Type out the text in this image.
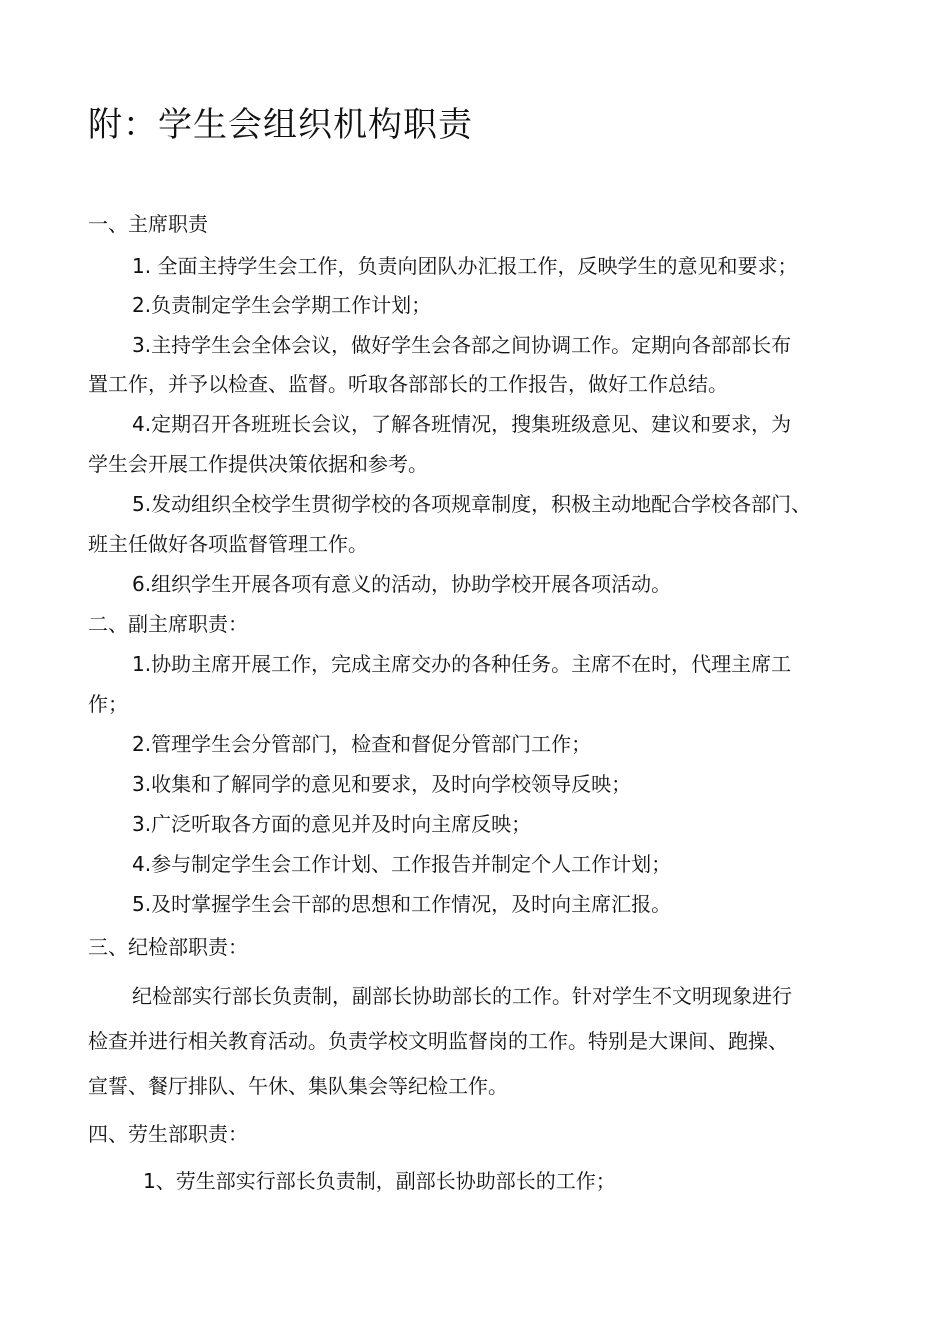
附：学生会组织机构职责
一、主席职责
1. 全面主持学生会工作，负责向团队办汇报工作，反映学生的意见和要求；
2.负责制定学生会学期工作计划；
3.主持学生会全体会议，做好学生会各部之间协调工作。定期向各部部长布
置工作，并予以检查、监督。听取各部部长的工作报告，做好工作总结。
4.定期召开各班班长会议，了解各班情况，搜集班级意见、建议和要求，为
学生会开展工作提供决策依据和参考。
5.发动组织全校学生贯彻学校的各项规章制度，积极主动地配合学校各部门、
班主任做好各项监督管理工作。
6.组织学生开展各项有意义的活动，协助学校开展各项活动。
二、副主席职责：
1.协助主席开展工作，完成主席交办的各种任务。主席不在时，代理主席工
作；
2.管理学生会分管部门，检查和督促分管部门工作；
3.收集和了解同学的意见和要求，及时向学校领导反映；
3.广泛听取各方面的意见并及时向主席反映；
4.参与制定学生会工作计划、工作报告并制定个人工作计划；
5.及时掌握学生会干部的思想和工作情况，及时向主席汇报。
三、纪检部职责：
纪检部实行部长负责制，副部长协助部长的工作。针对学生不文明现象进行
检查并进行相关教育活动。负责学校文明监督岗的工作。特别是大课间、跑操、
宣誓、餐厅排队、午休、集队集会等纪检工作。
四、劳生部职责：
1、劳生部实行部长负责制，副部长协助部长的工作；
